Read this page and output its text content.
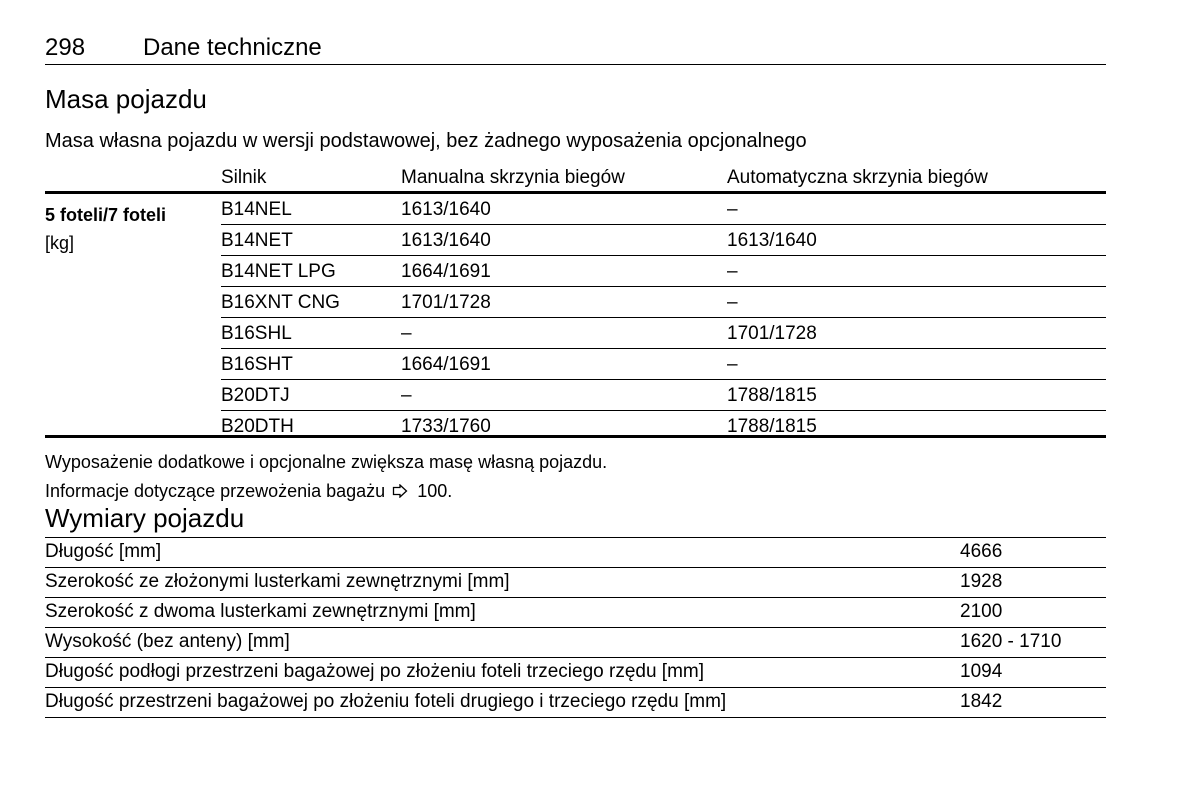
298 Dane techniczne
Masa pojazdu
Masa własna pojazdu w wersji podstawowej, bez żadnego wyposażenia opcjonalnego
Silnik	Manualna skrzynia biegów	Automatyczna skrzynia biegów
5 foteli/7 foteli
[kg]
B14NEL	1613/1640	–
B14NET	1613/1640	1613/1640
B14NET LPG	1664/1691	–
B16XNT CNG	1701/1728	–
B16SHL	–	1701/1728
B16SHT	1664/1691	–
B20DTJ	–	1788/1815
B20DTH	1733/1760	1788/1815
Wyposażenie dodatkowe i opcjonalne zwiększa masę własną pojazdu.
Informacje dotyczące przewożenia bagażu 100.
Wymiary pojazdu
Długość [mm]	4666
Szerokość ze złożonymi lusterkami zewnętrznymi [mm]	1928
Szerokość z dwoma lusterkami zewnętrznymi [mm]	2100
Wysokość (bez anteny) [mm]	1620 - 1710
Długość podłogi przestrzeni bagażowej po złożeniu foteli trzeciego rzędu [mm]	1094
Długość przestrzeni bagażowej po złożeniu foteli drugiego i trzeciego rzędu [mm]	1842
